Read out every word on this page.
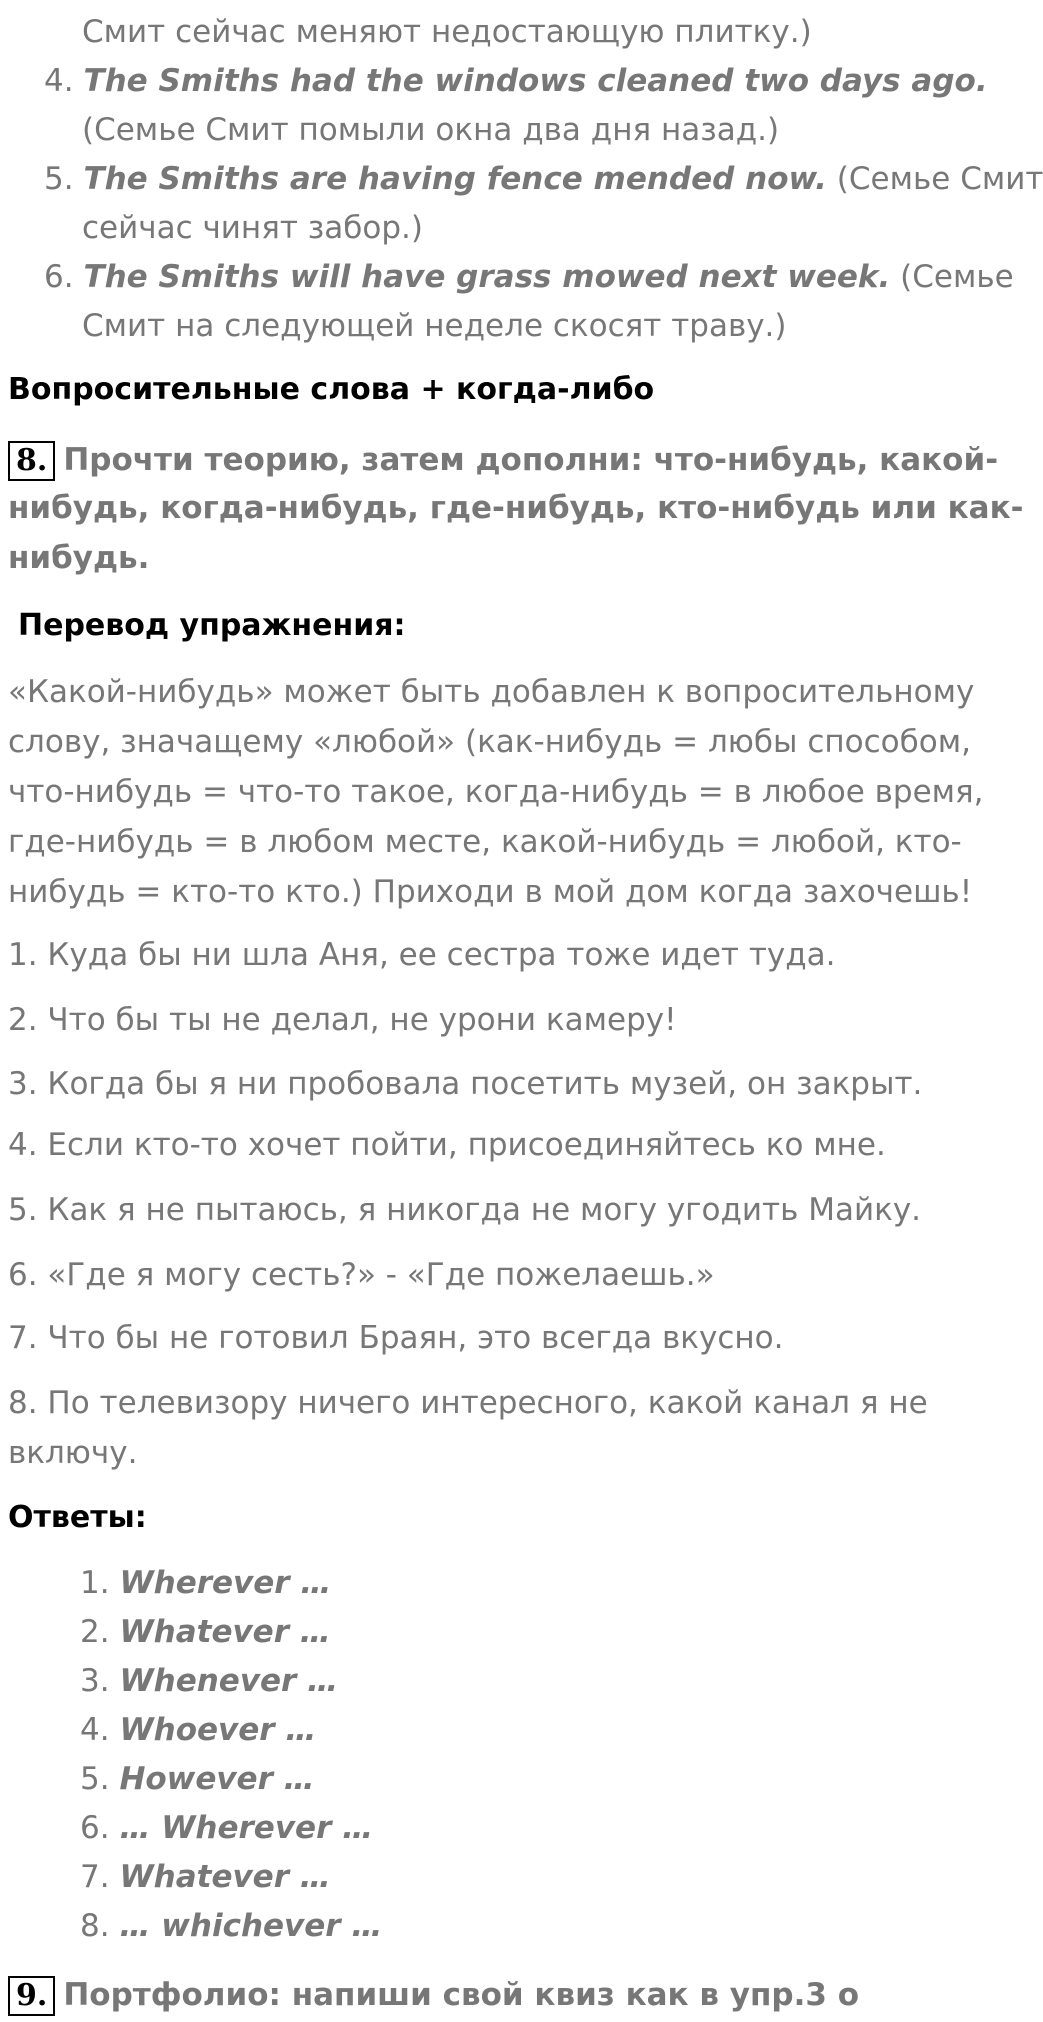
Смит сейчас меняют недостающую плитку.)
4. The Smiths had the windows cleaned two days ago.
(Семье Смит помыли окна два дня назад.)
5. The Smiths are having fence mended now. (Семье Смит
сейчас чинят забор.)
6. The Smiths will have grass mowed next week. (Семье
Смит на следующей неделе скосят траву.)
Вопросительные слова + когда-либо
8. Прочти теорию, затем дополни: что-нибудь, какой-
нибудь, когда-нибудь, где-нибудь, кто-нибудь или как-
нибудь.
Перевод упражнения:
«Какой-нибудь» может быть добавлен к вопросительному
слову, значащему «любой» (как-нибудь = любы способом,
что-нибудь = что-то такое, когда-нибудь = в любое время,
где-нибудь = в любом месте, какой-нибудь = любой, кто-
нибудь = кто-то кто.) Приходи в мой дом когда захочешь!
1. Куда бы ни шла Аня, ее сестра тоже идет туда.
2. Что бы ты не делал, не урони камеру!
3. Когда бы я ни пробовала посетить музей, он закрыт.
4. Если кто-то хочет пойти, присоединяйтесь ко мне.
5. Как я не пытаюсь, я никогда не могу угодить Майку.
6. «Где я могу сесть?» - «Где пожелаешь.»
7. Что бы не готовил Браян, это всегда вкусно.
8. По телевизору ничего интересного, какой канал я не
включу.
Ответы:
1. Wherever …
2. Whatever …
3. Whenever …
4. Whoever …
5. However …
6. … Wherever …
7. Whatever …
8. … whichever …
9. Портфолио: напиши свой квиз как в упр.3 о
